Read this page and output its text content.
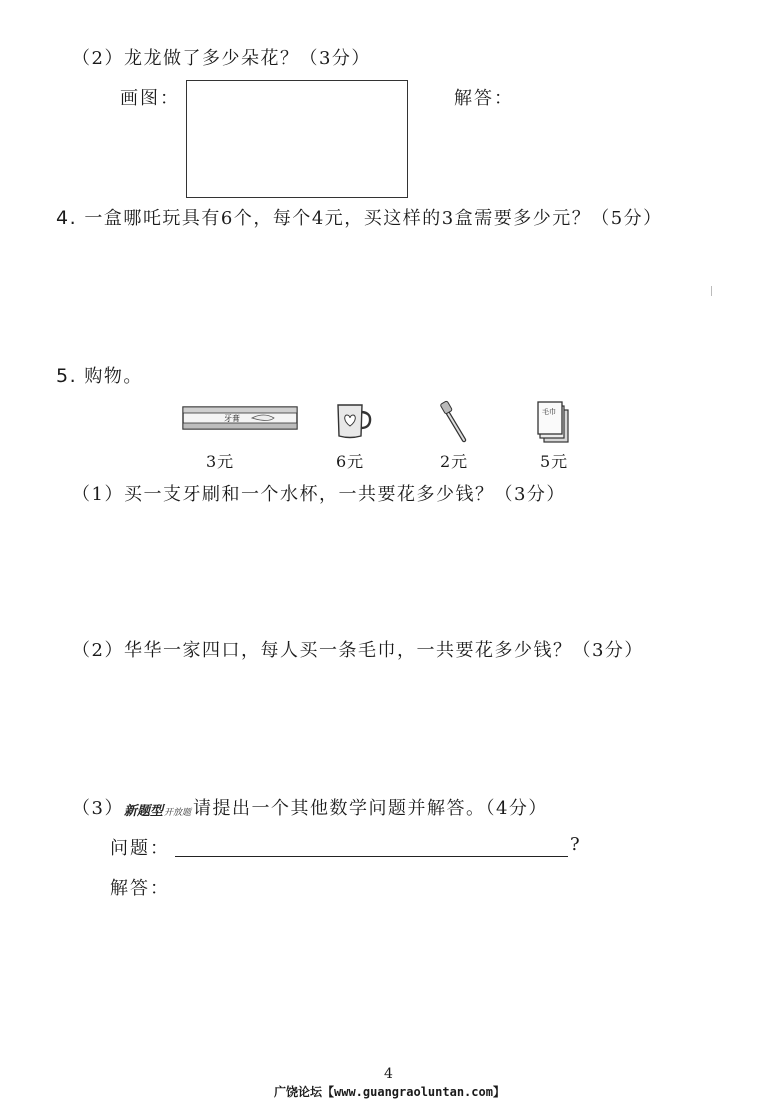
（2）龙龙做了多少朵花？（3分）
画图：	解答：
4. 一盒哪吒玩具有6个，每个4元，买这样的3盒需要多少元？（5分）
5. 购物。
牙膏
毛巾
3元	6元	2元	5元
（1）买一支牙刷和一个水杯，一共要花多少钱？（3分）
（2）华华一家四口，每人买一条毛巾，一共要花多少钱？（3分）
（3）新题型开放题 请提出一个其他数学问题并解答。（4分）
问题：	?
解答：
4
广饶论坛【www.guangraoluntan.com】
